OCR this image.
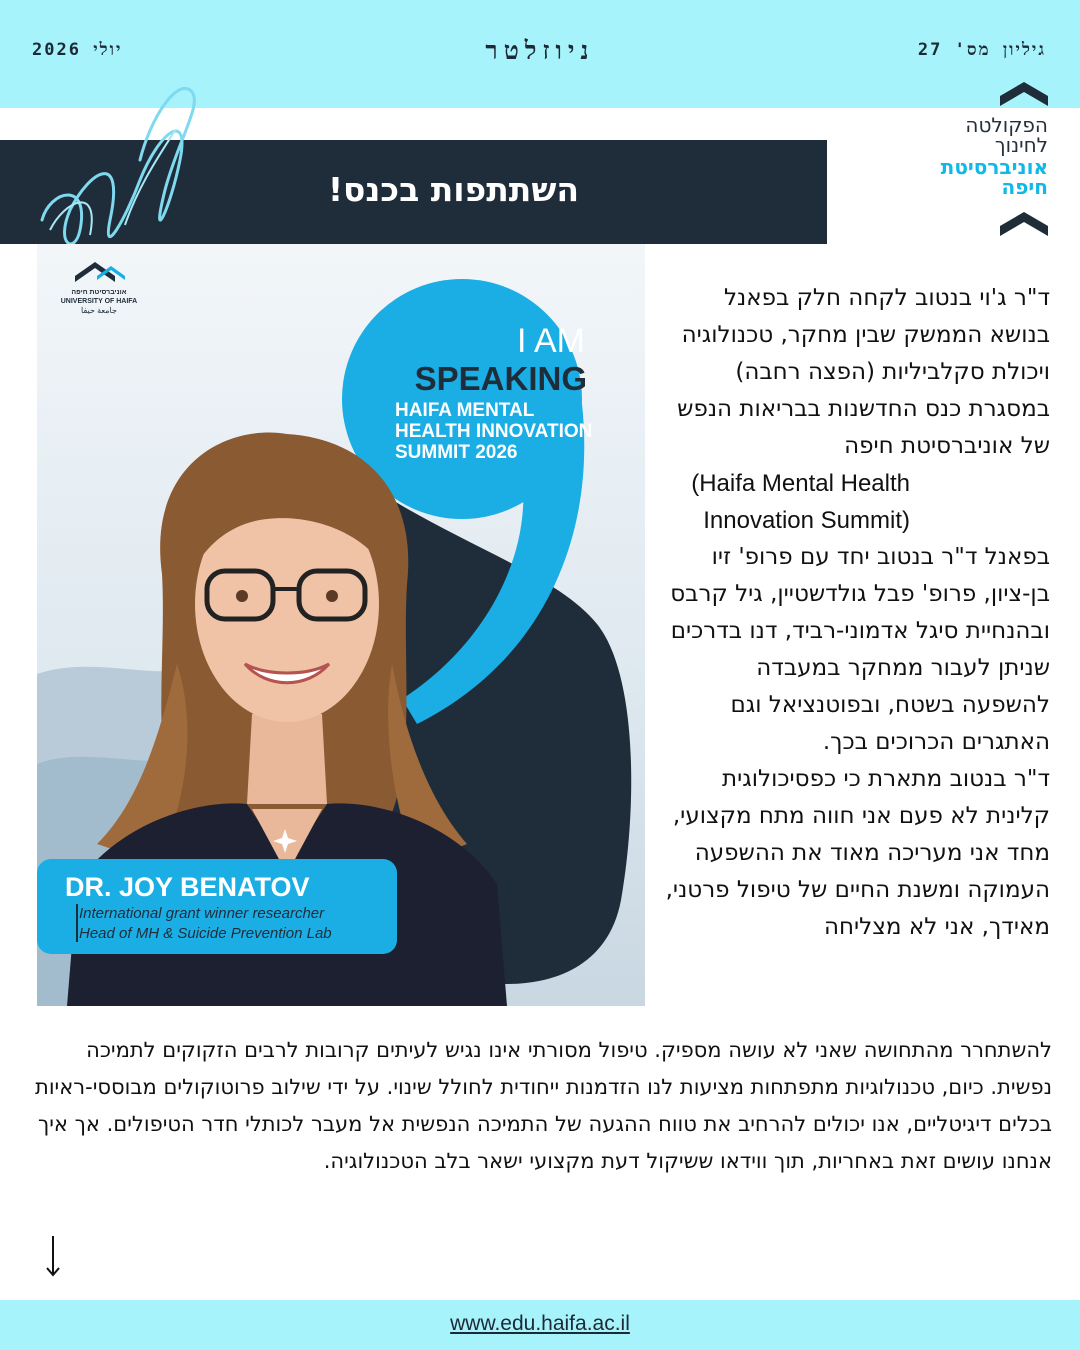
גיליון מס' 27
ניוזלטר
יולי 2026
הפקולטה
לחינוך
אוניברסיטת
חיפה
השתתפות בכנס!
אוניברסיטת חיפה
UNIVERSITY OF HAIFA
جامعة حيفا
I AM
SPEAKING
HAIFA MENTAL
HEALTH INNOVATION
SUMMIT 2026
DR. JOY BENATOV
International grant winner researcher
Head of MH & Suicide Prevention Lab

ד"ר ג'וי בנטוב לקחה חלק בפאנל בנושא הממשק שבין מחקר, טכנולוגיה ויכולת סקלביליות (הפצה רחבה) במסגרת כנס החדשנות בבריאות הנפש של אוניברסיטת חיפה

(Haifa Mental Health Innovation Summit)

בפאנל ד"ר בנטוב יחד עם פרופ' זיו בן-ציון, פרופ' פבל גולדשטיין, גיל קרבס ובהנחיית סיגל אדמוני-רביד, דנו בדרכים שניתן לעבור ממחקר במעבדה להשפעה בשטח, ובפוטנציאל וגם האתגרים הכרוכים בכך.

ד"ר בנטוב מתארת כי כפסיכולוגית קלינית לא פעם אני חווה מתח מקצועי, מחד אני מעריכה מאוד את ההשפעה העמוקה ומשנת החיים של טיפול פרטני, מאידך, אני לא מצליחה

להשתחרר מהתחושה שאני לא עושה מספיק. טיפול מסורתי אינו נגיש לעיתים קרובות לרבים הזקוקים לתמיכה נפשית. כיום, טכנולוגיות מתפתחות מציעות לנו הזדמנות ייחודית לחולל שינוי. על ידי שילוב פרוטוקולים מבוססי-ראיות בכלים דיגיטליים, אנו יכולים להרחיב את טווח ההגעה של התמיכה הנפשית אל מעבר לכותלי חדר הטיפולים. אך איך אנחנו עושים זאת באחריות, תוך ווידאו ששיקול דעת מקצועי ישאר בלב הטכנולוגיה.

www.edu.haifa.ac.il
